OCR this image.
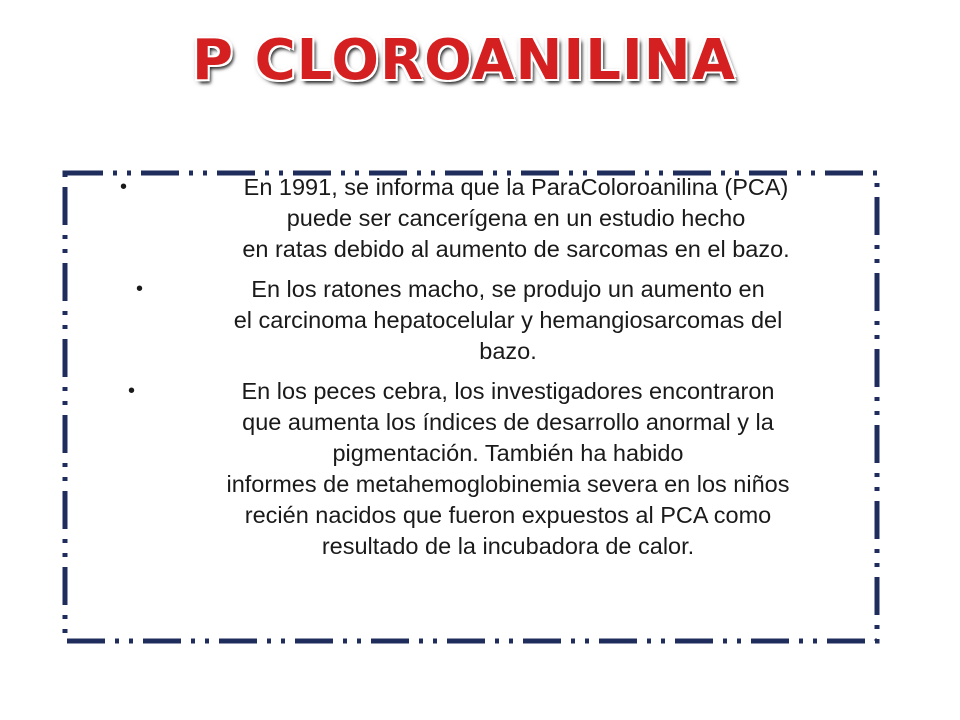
P CLOROANILINA
•	En 1991, se informa que la ParaColoroanilina (PCA)
puede ser cancerígena en un estudio hecho
en ratas debido al aumento de sarcomas en el bazo.
•	En los ratones macho, se produjo un aumento en
el carcinoma hepatocelular y hemangiosarcomas del
bazo.
•	En los peces cebra, los investigadores encontraron
que aumenta los índices de desarrollo anormal y la
pigmentación. También ha habido
informes de metahemoglobinemia severa en los niños
recién nacidos que fueron expuestos al PCA como
resultado de la incubadora de calor.
